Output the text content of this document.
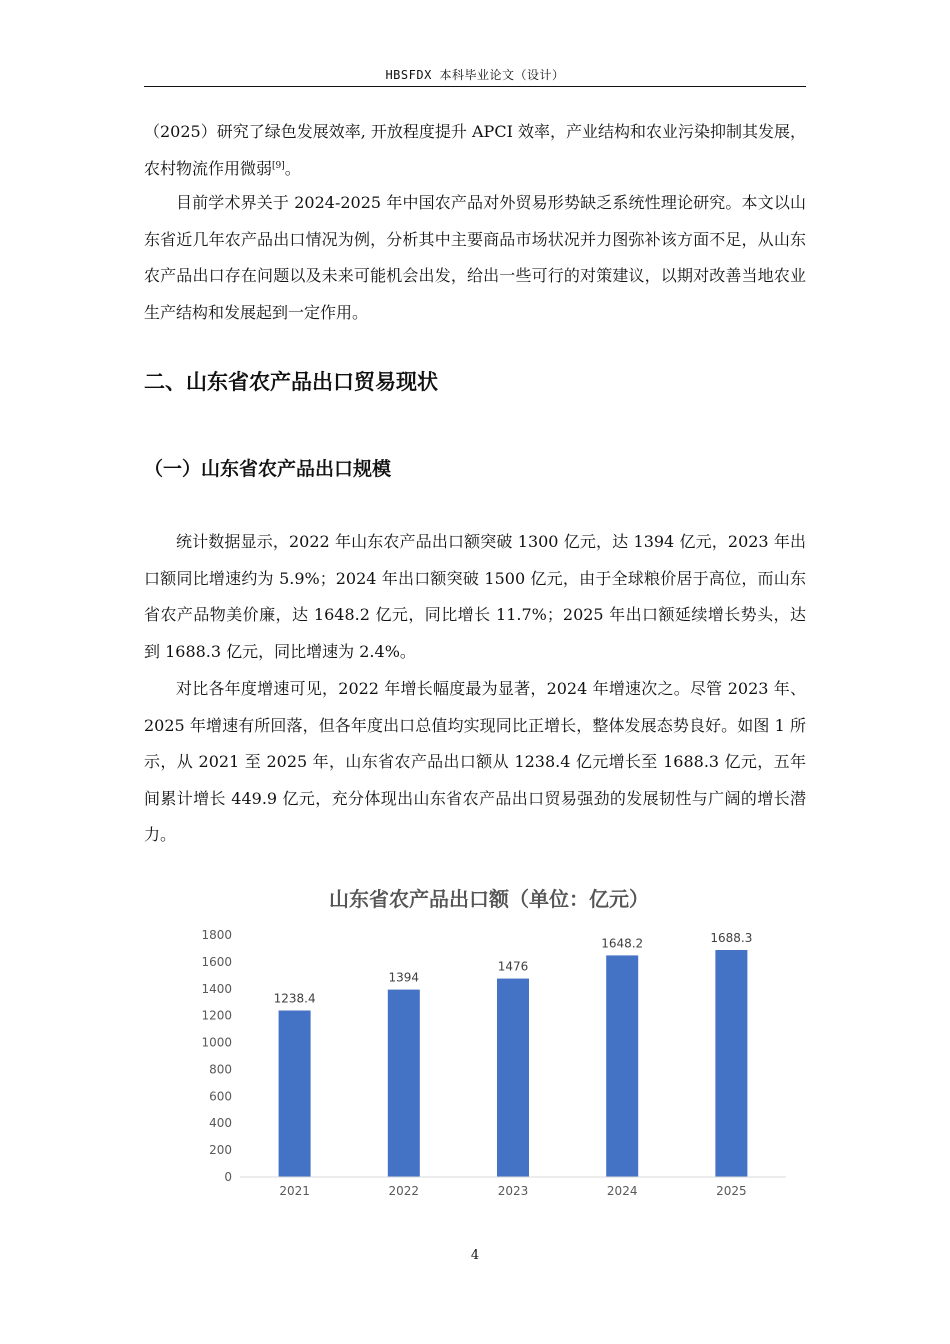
HBSFDX 本科毕业论文（设计）

（2025）研究了绿色发展效率, 开放程度提升 APCI 效率，产业结构和农业污染抑制其发展，农村物流作用微弱[9]。

目前学术界关于 2024-2025 年中国农产品对外贸易形势缺乏系统性理论研究。本文以山东省近几年农产品出口情况为例，分析其中主要商品市场状况并力图弥补该方面不足，从山东农产品出口存在问题以及未来可能机会出发，给出一些可行的对策建议，以期对改善当地农业生产结构和发展起到一定作用。

二、山东省农产品出口贸易现状
（一）山东省农产品出口规模

统计数据显示，2022 年山东农产品出口额突破 1300 亿元，达 1394 亿元，2023 年出口额同比增速约为 5.9%；2024 年出口额突破 1500 亿元，由于全球粮价居于高位，而山东省农产品物美价廉，达 1648.2 亿元，同比增长 11.7%；2025 年出口额延续增长势头，达到 1688.3 亿元，同比增速为 2.4%。

对比各年度增速可见，2022 年增长幅度最为显著，2024 年增速次之。尽管 2023 年、2025 年增速有所回落，但各年度出口总值均实现同比正增长，整体发展态势良好。如图 1 所示，从 2021 至 2025 年，山东省农产品出口额从 1238.4 亿元增长至 1688.3 亿元，五年间累计增长 449.9 亿元，充分体现出山东省农产品出口贸易强劲的发展韧性与广阔的增长潜力。

山东省农产品出口额（单位：亿元）
0
200
400
600
800
1000
1200
1400
1600
1800
1238.4
1394
1476
1648.2	1688.3
2021	2022	2023	2024	2025
4
